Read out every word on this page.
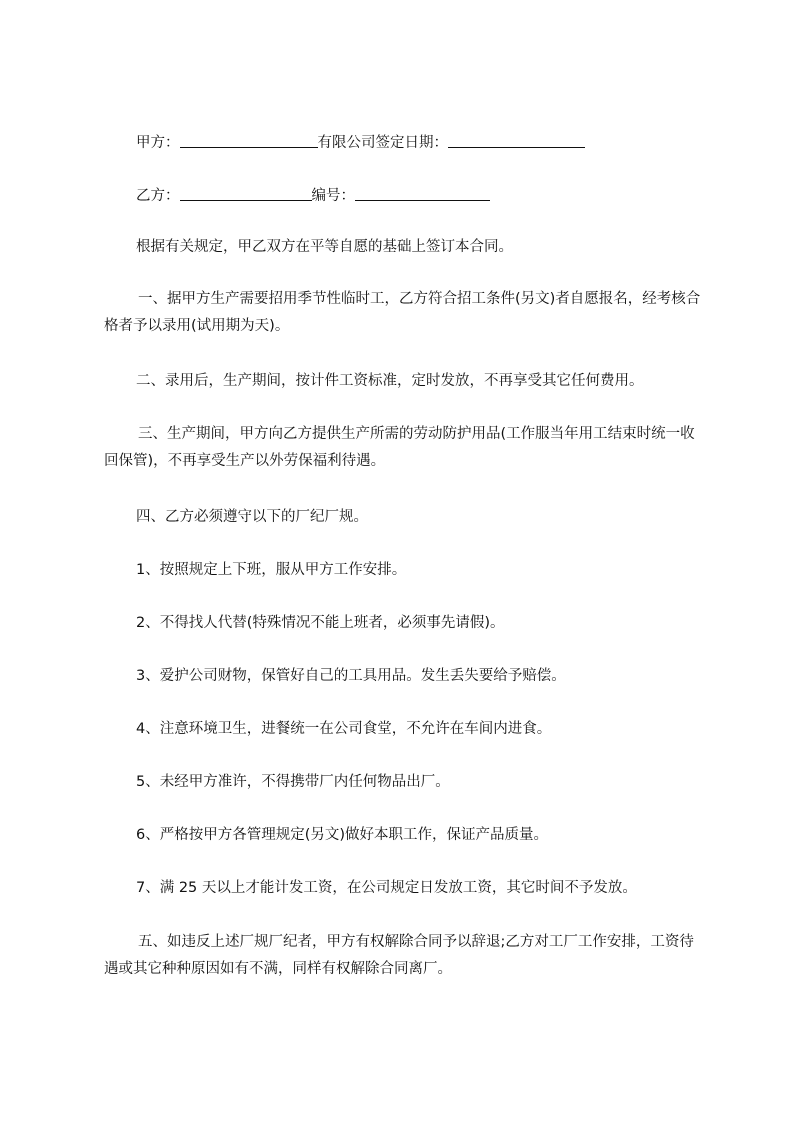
甲方：	有限公司签定日期：
乙方：	编号：
根据有关规定，甲乙双方在平等自愿的基础上签订本合同。
一、据甲方生产需要招用季节性临时工，乙方符合招工条件(另文)者自愿报名，经考核合格者予以录用(试用期为天)。
二、录用后，生产期间，按计件工资标准，定时发放，不再享受其它任何费用。
三、生产期间，甲方向乙方提供生产所需的劳动防护用品(工作服当年用工结束时统一收回保管)，不再享受生产以外劳保福利待遇。
四、乙方必须遵守以下的厂纪厂规。
1、按照规定上下班，服从甲方工作安排。
2、不得找人代替(特殊情况不能上班者，必须事先请假)。
3、爱护公司财物，保管好自己的工具用品。发生丢失要给予赔偿。
4、注意环境卫生，进餐统一在公司食堂，不允许在车间内进食。
5、未经甲方准许，不得携带厂内任何物品出厂。
6、严格按甲方各管理规定(另文)做好本职工作，保证产品质量。
7、满 25 天以上才能计发工资，在公司规定日发放工资，其它时间不予发放。
五、如违反上述厂规厂纪者，甲方有权解除合同予以辞退;乙方对工厂工作安排，工资待遇或其它种种原因如有不满，同样有权解除合同离厂。
